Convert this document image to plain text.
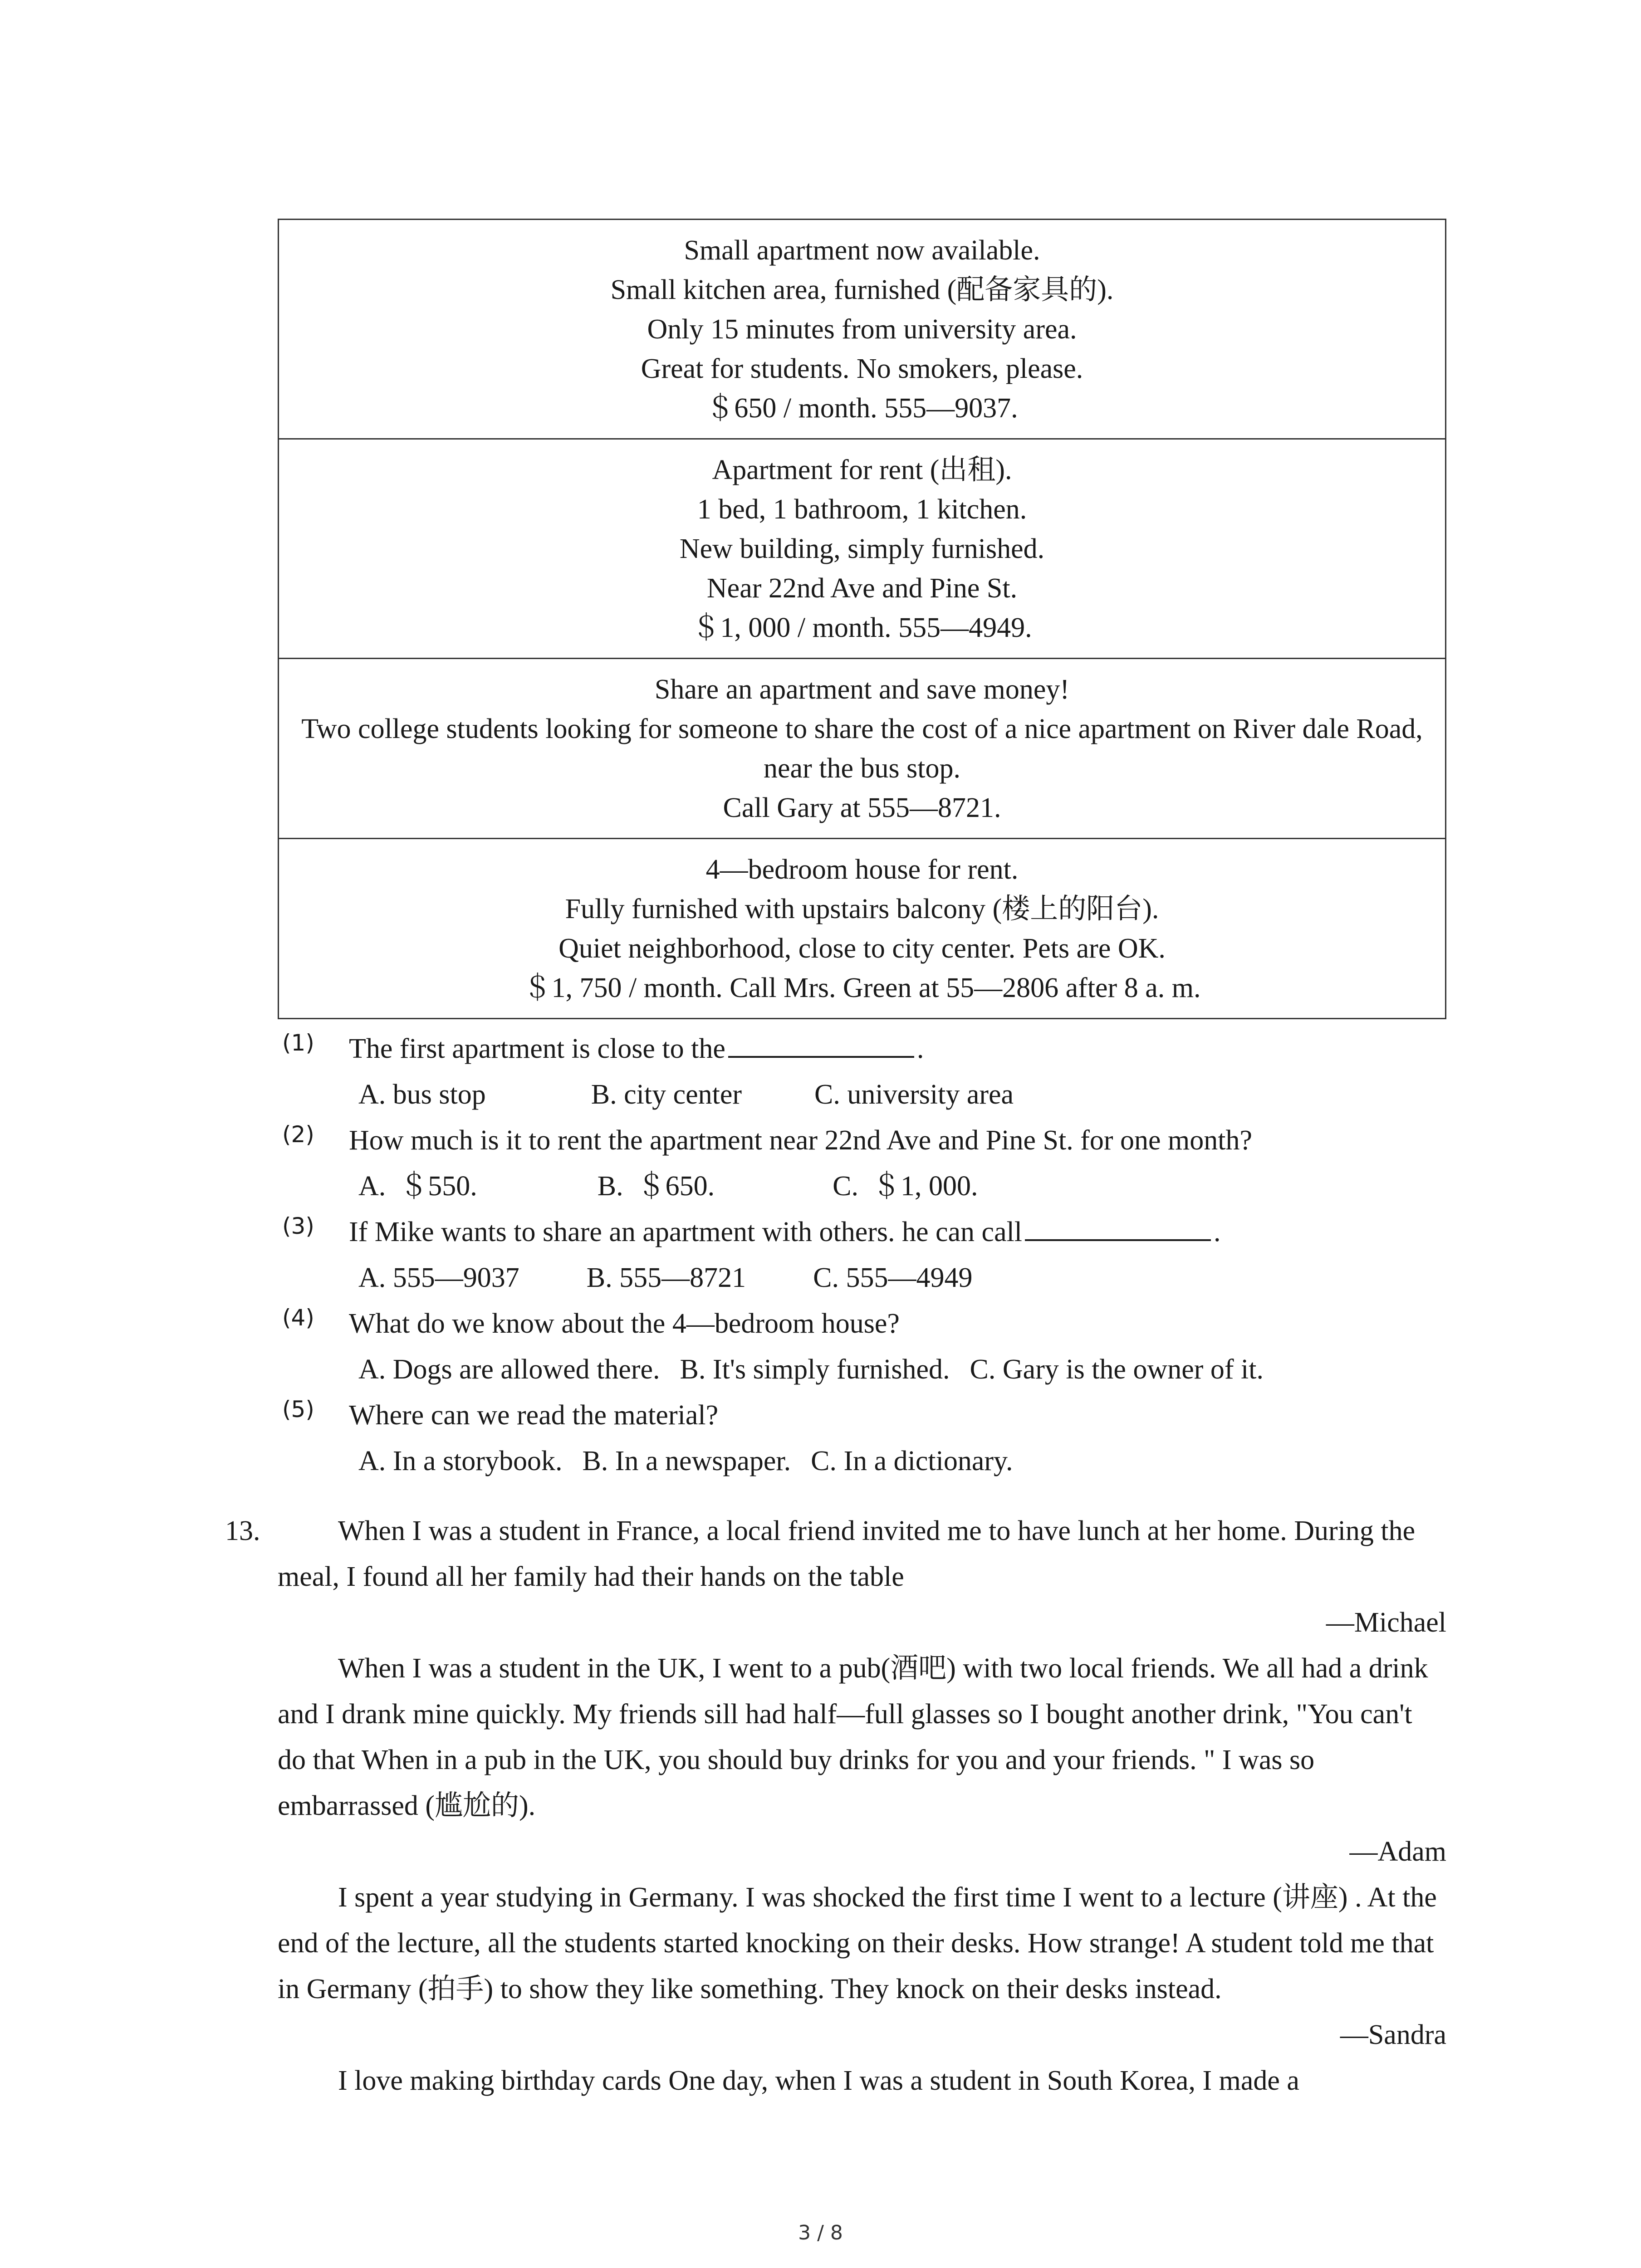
Small apartment now available.
Small kitchen area, furnished (配备家具的).
Only 15 minutes from university area.
Great for students. No smokers, please.
＄650 / month. 555—9037.
Apartment for rent (出租).
1 bed, 1 bathroom, 1 kitchen.
New building, simply furnished.
Near 22nd Ave and Pine St.
＄1, 000 / month. 555—4949.
Share an apartment and save money!
Two college students looking for someone to share the cost of a nice apartment on River dale Road, near the bus stop.
Call Gary at 555—8721.
4—bedroom house for rent.
Fully furnished with upstairs balcony (楼上的阳台).
Quiet neighborhood, close to city center. Pets are OK.
＄1, 750 / month. Call Mrs. Green at 55—2806 after 8 a. m.
(1)	The first apartment is close to the	.
A. bus stop	B. city center	C. university area
(2)	How much is it to rent the apartment near 22nd Ave and Pine St. for one month?
A.  ＄550.	B.  ＄650.	C.  ＄1, 000.
(3)	If Mike wants to share an apartment with others. he can call	.
A. 555—9037 B. 555—8721 C. 555—4949
(4)	What do we know about the 4—bedroom house?
A. Dogs are allowed there. B. It's simply furnished. C. Gary is the owner of it.
(5)	Where can we read the material?
A. In a storybook. B. In a newspaper. C. In a dictionary.
13.	When I was a student in France, a local friend invited me to have lunch at her home. During the meal, I found all her family had their hands on the table

—Michael

When I was a student in the UK, I went to a pub(酒吧) with two local friends. We all had a drink and I drank mine quickly. My friends sill had half—full glasses so I bought another drink, "You can't do that When in a pub in the UK, you should buy drinks for you and your friends. " I was so embarrassed (尴尬的).

—Adam

I spent a year studying in Germany. I was shocked the first time I went to a lecture (讲座) . At the end of the lecture, all the students started knocking on their desks. How strange! A student told me that in Germany (拍手) to show they like something. They knock on their desks instead.

—Sandra

I love making birthday cards One day, when I was a student in South Korea, I made a

3 / 8
